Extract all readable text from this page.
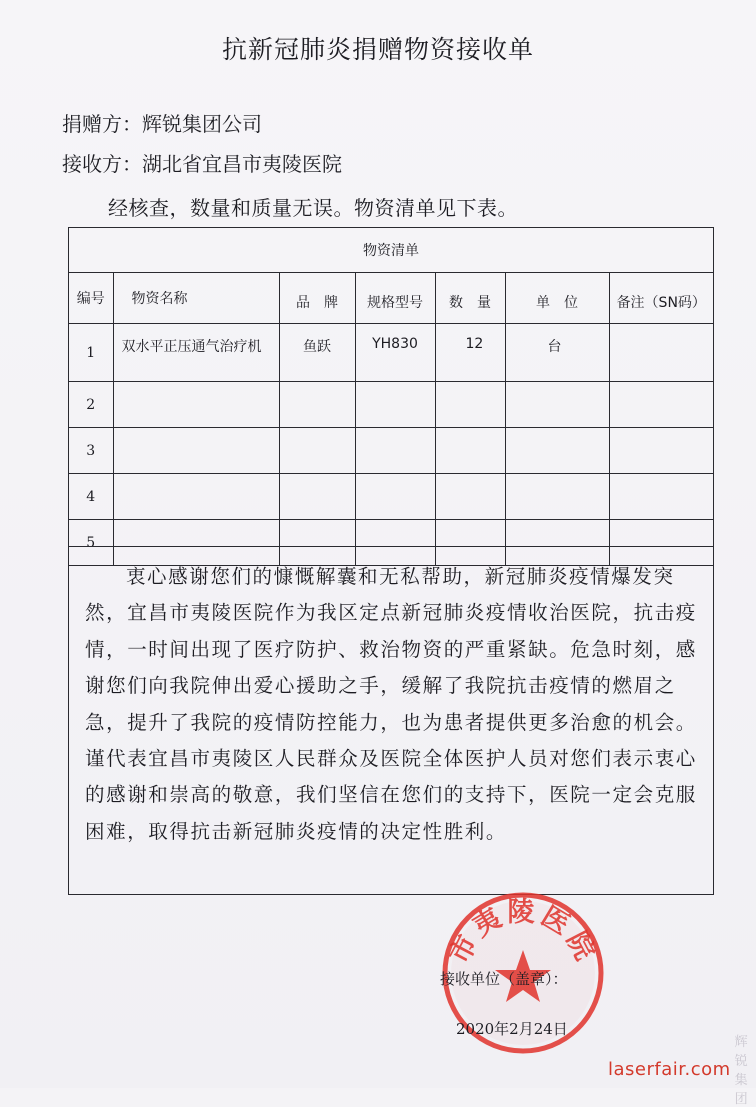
抗新冠肺炎捐赠物资接收单
捐赠方：辉锐集团公司
接收方：湖北省宜昌市夷陵医院
经核查，数量和质量无误。物资清单见下表。
物资清单						
编号	物资名称	品　牌	规格型号	数　量	单　位	备注（SN码）
1	双水平正压通气治疗机	鱼跃	YH830	12	台	
2						
3						
4						
5						

衷心感谢您们的慷慨解囊和无私帮助，新冠肺炎疫情爆发突然，宜昌市夷陵医院作为我区定点新冠肺炎疫情收治医院，抗击疫情，一时间出现了医疗防护、救治物资的严重紧缺。危急时刻，感谢您们向我院伸出爱心援助之手，缓解了我院抗击疫情的燃眉之急，提升了我院的疫情防控能力，也为患者提供更多治愈的机会。谨代表宜昌市夷陵区人民群众及医院全体医护人员对您们表示衷心的感谢和崇高的敬意，我们坚信在您们的支持下，医院一定会克服困难，取得抗击新冠肺炎疫情的决定性胜利。

市夷陵医院
接收单位（盖章）：
2020年2月24日
laserfair.com
辉锐集团
